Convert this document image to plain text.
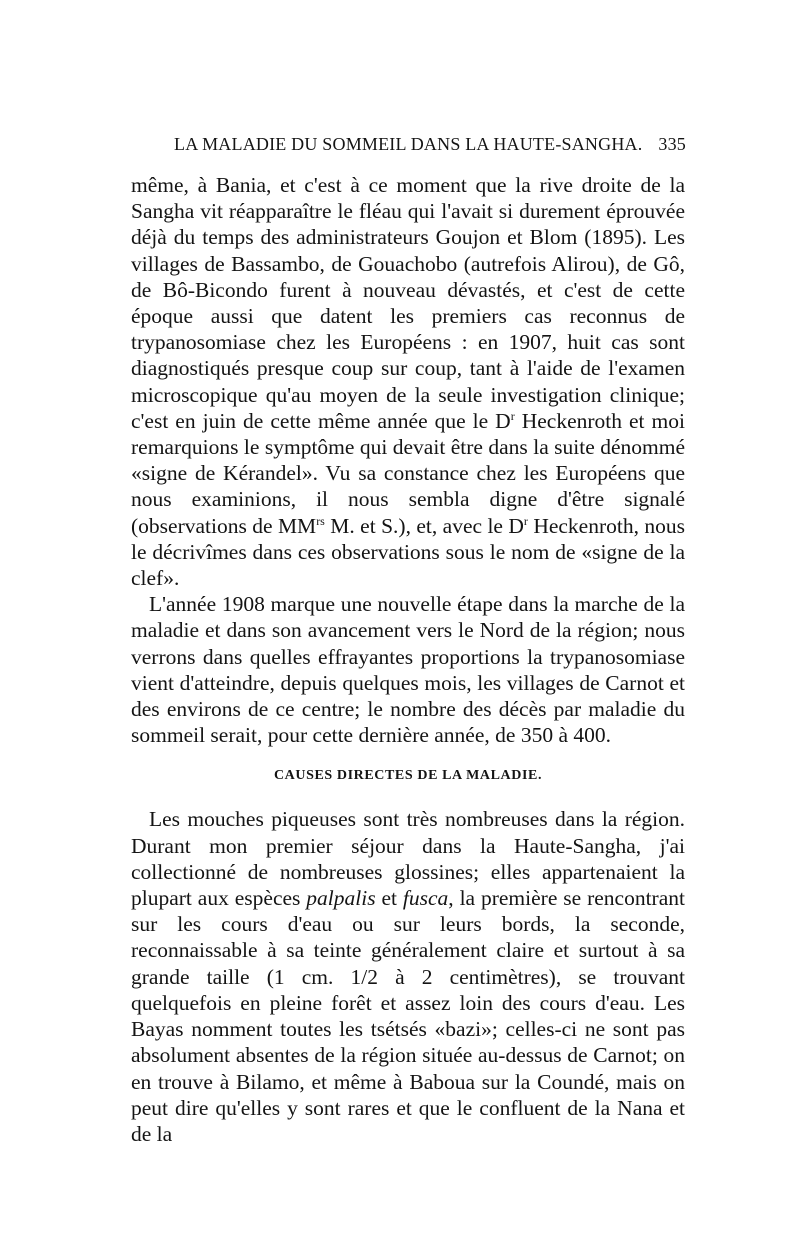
LA MALADIE DU SOMMEIL DANS LA HAUTE-SANGHA. 335

même, à Bania, et c'est à ce moment que la rive droite de la Sangha vit réapparaître le fléau qui l'avait si durement éprouvée déjà du temps des administrateurs Goujon et Blom (1895). Les villages de Bassambo, de Gouachobo (autrefois Alirou), de Gô, de Bô-Bicondo furent à nouveau dévastés, et c'est de cette époque aussi que datent les premiers cas reconnus de trypanosomiase chez les Européens : en 1907, huit cas sont diagnostiqués presque coup sur coup, tant à l'aide de l'examen microscopique qu'au moyen de la seule investigation clinique; c'est en juin de cette même année que le $D^r$ Heckenroth et moi remarquions le symptôme qui devait être dans la suite dénommé «signe de Kérandel». Vu sa constance chez les Européens que nous examinions, il nous sembla digne d'être signalé (observations de $MM^{rs}$ M. et S.), et, avec le $D^r$ Heckenroth, nous le décrivîmes dans ces observations sous le nom de «signe de la clef».

L'année 1908 marque une nouvelle étape dans la marche de la maladie et dans son avancement vers le Nord de la région; nous verrons dans quelles effrayantes proportions la trypanosomiase vient d'atteindre, depuis quelques mois, les villages de Carnot et des environs de ce centre; le nombre des décès par maladie du sommeil serait, pour cette dernière année, de 350 à 400.

CAUSES DIRECTES DE LA MALADIE.

Les mouches piqueuses sont très nombreuses dans la région. Durant mon premier séjour dans la Haute-Sangha, j'ai collectionné de nombreuses glossines; elles appartenaient la plupart aux espèces palpalis et fusca, la première se rencontrant sur les cours d'eau ou sur leurs bords, la seconde, reconnaissable à sa teinte généralement claire et surtout à sa grande taille (1 cm. 1/2 à 2 centimètres), se trouvant quelquefois en pleine forêt et assez loin des cours d'eau. Les Bayas nomment toutes les tsétsés «bazi»; celles-ci ne sont pas absolument absentes de la région située au-dessus de Carnot; on en trouve à Bilamo, et même à Baboua sur la Coundé, mais on peut dire qu'elles y sont rares et que le confluent de la Nana et de la
